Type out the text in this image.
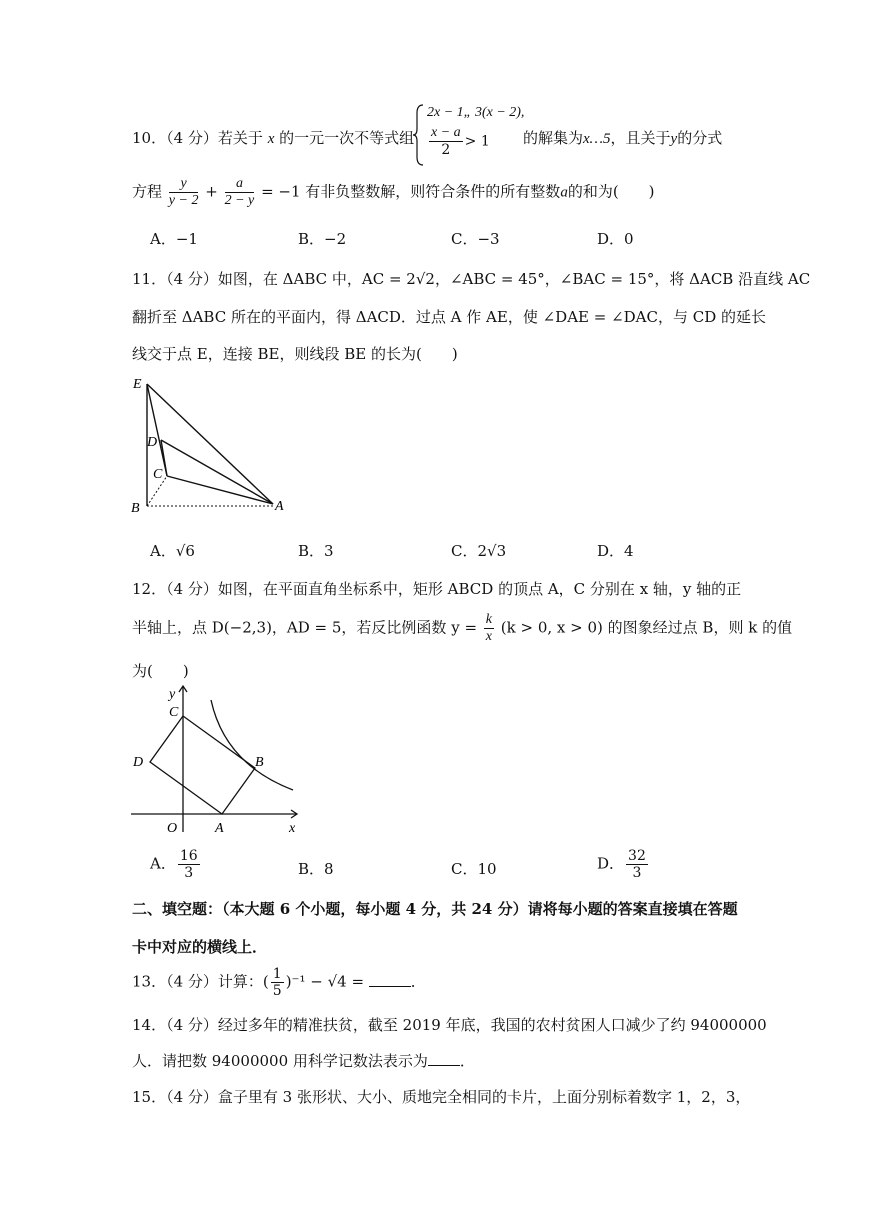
10．（4 分）若关于 x 的一元一次不等式组
2x − 1„ 3(x − 2),
$\frac{x - a}{2} > 1$ 的解集为x…5，且关于y的分式
方程 $\frac{y}{y - 2} + \frac{a}{2 - y} = -1$ 有非负整数解，则符合条件的所有整数a的和为(　　)
A．−1	B．−2	C．−3	D．0
11．（4 分）如图，在 ΔABC 中，AC = 2√2，∠ABC = 45°，∠BAC = 15°，将 ΔACB 沿直线 AC
翻折至 ΔABC 所在的平面内，得 ΔACD．过点 A 作 AE，使 ∠DAE = ∠DAC，与 CD 的延长
线交于点 E，连接 BE，则线段 BE 的长为(　　)
E
D
C
B	A
A．√6	B．3	C．2√3	D．4
12．（4 分）如图，在平面直角坐标系中，矩形 ABCD 的顶点 A，C 分别在 x 轴，y 轴的正
半轴上，点 D(−2,3)，AD = 5，若反比例函数 $y = \frac{k}{x} (k > 0$, x > 0) 的图象经过点 B，则 k 的值
为(　　)
y
C
D	B
O	A	x
A． $\frac{16}{3}$	B．8	C．10	D． $\frac{32}{3}$
二、填空题：（本大题 6 个小题，每小题 4 分，共 24 分）请将每小题的答案直接填在答题
卡中对应的横线上．
13．（4 分）计算：( $\frac{1}{5} )^{-1} - √4$ =	．
14．（4 分）经过多年的精准扶贫，截至 2019 年底，我国的农村贫困人口减少了约 94000000
人．请把数 94000000 用科学记数法表示为 ．
15．（4 分）盒子里有 3 张形状、大小、质地完全相同的卡片，上面分别标着数字 1，2，3，
